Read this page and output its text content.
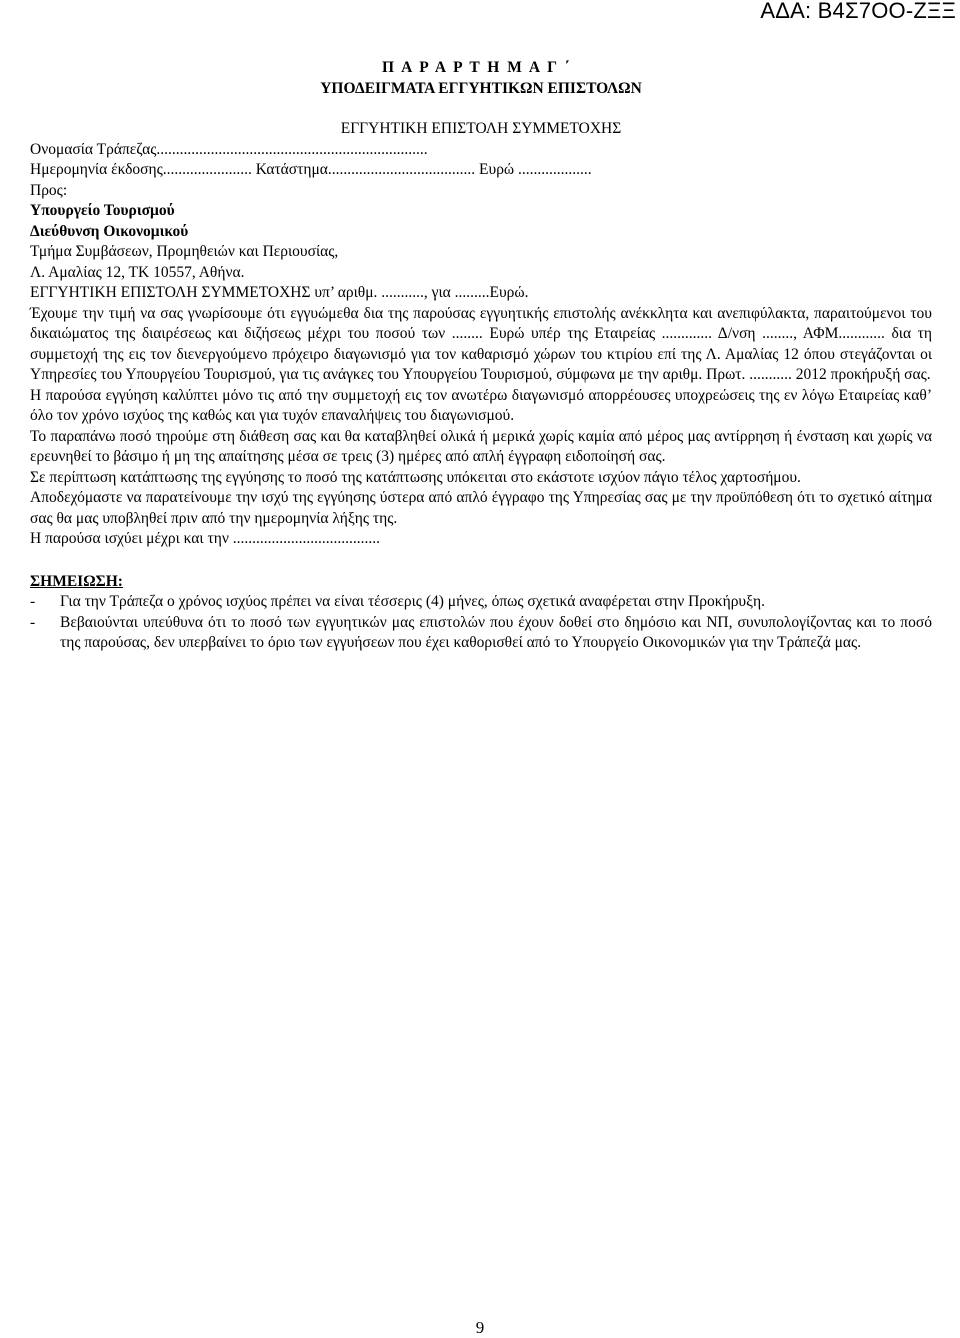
ΑΔΑ: Β4Σ7ΟΟ-ΖΞΞ
Π Α Ρ Α Ρ Τ Η Μ Α Γ ΄
ΥΠΟΔΕΙΓΜΑΤΑ ΕΓΓΥΗΤΙΚΩΝ ΕΠΙΣΤΟΛΩΝ
ΕΓΓΥΗΤΙΚΗ ΕΠΙΣΤΟΛΗ ΣΥΜΜΕΤΟΧΗΣ
Ονομασία Τράπεζας......................................................................
Ημερομηνία έκδοσης....................... Κατάστημα...................................... Ευρώ ...................
Προς:
Υπουργείο Τουρισμού
Διεύθυνση Οικονομικού
Τμήμα Συμβάσεων, Προμηθειών και Περιουσίας,
Λ. Αμαλίας 12, ΤΚ 10557, Αθήνα.
ΕΓΓΥΗΤΙΚΗ ΕΠΙΣΤΟΛΗ ΣΥΜΜΕΤΟΧΗΣ υπ’ αριθμ. ..........., για .........Ευρώ.
Έχουμε την τιμή να σας γνωρίσουμε ότι εγγυώμεθα δια της παρούσας εγγυητικής επιστολής ανέκκλητα και ανεπιφύλακτα, παραιτούμενοι του δικαιώματος της διαιρέσεως και διζήσεως μέχρι του ποσού των ........ Ευρώ υπέρ της Εταιρείας ............. Δ/νση ........, ΑΦΜ............ δια τη συμμετοχή της εις τον διενεργούμενο πρόχειρο διαγωνισμό για τον καθαρισμό χώρων του κτιρίου επί της Λ. Αμαλίας 12 όπου στεγάζονται οι Υπηρεσίες του Υπουργείου Τουρισμού, για τις ανάγκες του Υπουργείου Τουρισμού, σύμφωνα με την αριθμ. Πρωτ. ........... 2012 προκήρυξή σας.
Η παρούσα εγγύηση καλύπτει μόνο τις από την συμμετοχή εις τον ανωτέρω διαγωνισμό απορρέουσες υποχρεώσεις της εν λόγω Εταιρείας καθ’ όλο τον χρόνο ισχύος της καθώς και για τυχόν επαναλήψεις του διαγωνισμού.
Το παραπάνω ποσό τηρούμε στη διάθεση σας και θα καταβληθεί ολικά ή μερικά χωρίς καμία από μέρος μας αντίρρηση ή ένσταση και χωρίς να ερευνηθεί το βάσιμο ή μη της απαίτησης μέσα σε τρεις (3) ημέρες από απλή έγγραφη ειδοποίησή σας.
Σε περίπτωση κατάπτωσης της εγγύησης το ποσό της κατάπτωσης υπόκειται στο εκάστοτε ισχύον πάγιο τέλος χαρτοσήμου.
Αποδεχόμαστε να παρατείνουμε την ισχύ της εγγύησης ύστερα από απλό έγγραφο της Υπηρεσίας σας με την προϋπόθεση ότι το σχετικό αίτημα σας θα μας υποβληθεί πριν από την ημερομηνία λήξης της.
Η παρούσα ισχύει μέχρι και την ......................................
ΣΗΜΕΙΩΣΗ:
-	Για την Τράπεζα ο χρόνος ισχύος πρέπει να είναι τέσσερις (4) μήνες, όπως σχετικά αναφέρεται στην Προκήρυξη.
-	Βεβαιούνται υπεύθυνα ότι το ποσό των εγγυητικών μας επιστολών που έχουν δοθεί στο δημόσιο και ΝΠ, συνυπολογίζοντας και το ποσό της παρούσας, δεν υπερβαίνει το όριο των εγγυήσεων που έχει καθορισθεί από το Υπουργείο Οικονομικών για την Τράπεζά μας.
9
